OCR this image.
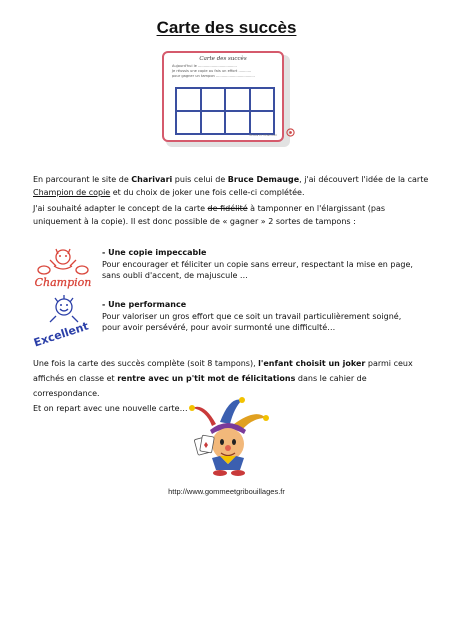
Carte des succès
Carte des succès
Aujourd'hui le ..................................
Je réussis une copie ou fais un effort ...........
pour gagner un tampon ..................................
Bruce D. Charivari
En parcourant le site de Charivari puis celui de Bruce Demauge, j'ai découvert l'idée de la carte Champion de copie et du choix de joker une fois celle-ci complétée.
J'ai souhaité adapter le concept de la carte de fidélité à tamponner en l'élargissant (pas uniquement à la copie). Il est donc possible de « gagner » 2 sortes de tampons :
Champion
Excellent
- Une copie impeccable
Pour encourager et féliciter un copie sans erreur, respectant la mise en page, sans oubli d'accent, de majuscule …
- Une performance
Pour valoriser un gros effort que ce soit un travail particulièrement soigné, pour avoir persévéré, pour avoir surmonté une difficulté…
Une fois la carte des succès complète (soit 8 tampons), l'enfant choisit un joker parmi ceux affichés en classe et rentre avec un p'tit mot de félicitations dans le cahier de correspondance.
Et on repart avec une nouvelle carte…
http://www.gommeetgribouillages.fr
